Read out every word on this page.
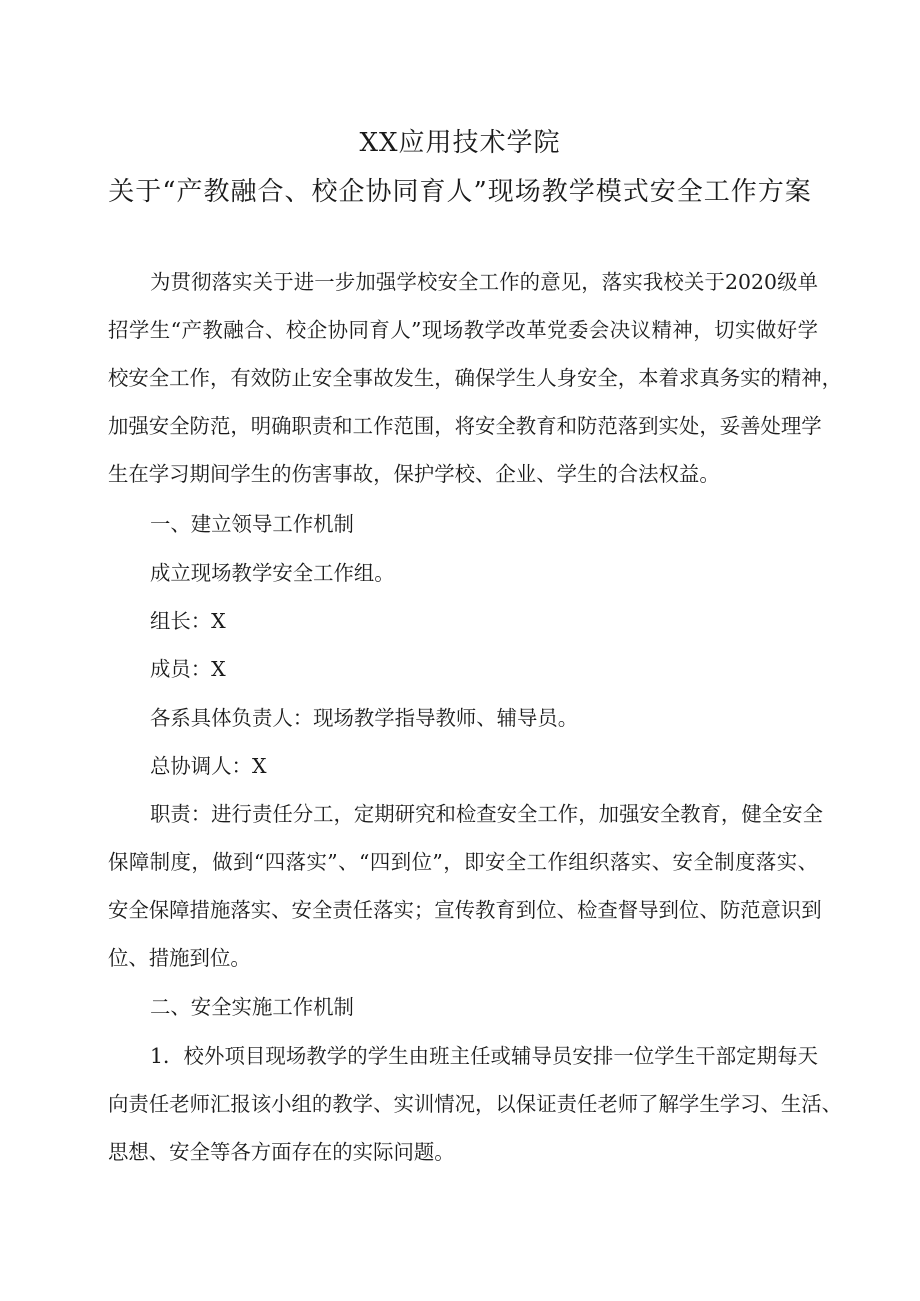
XX应用技术学院
关于“产教融合、校企协同育人”现场教学模式安全工作方案
为贯彻落实关于进一步加强学校安全工作的意见，落实我校关于2020级单
招学生“产教融合、校企协同育人”现场教学改革党委会决议精神，切实做好学
校安全工作，有效防止安全事故发生，确保学生人身安全，本着求真务实的精神，
加强安全防范，明确职责和工作范围，将安全教育和防范落到实处，妥善处理学
生在学习期间学生的伤害事故，保护学校、企业、学生的合法权益。
一、建立领导工作机制
成立现场教学安全工作组。
组长：X
成员：X
各系具体负责人：现场教学指导教师、辅导员。
总协调人：X
职责：进行责任分工，定期研究和检查安全工作，加强安全教育，健全安全
保障制度，做到“四落实”、“四到位”，即安全工作组织落实、安全制度落实、
安全保障措施落实、安全责任落实；宣传教育到位、检查督导到位、防范意识到
位、措施到位。
二、安全实施工作机制
1．校外项目现场教学的学生由班主任或辅导员安排一位学生干部定期每天
向责任老师汇报该小组的教学、实训情况，以保证责任老师了解学生学习、生活、
思想、安全等各方面存在的实际问题。
